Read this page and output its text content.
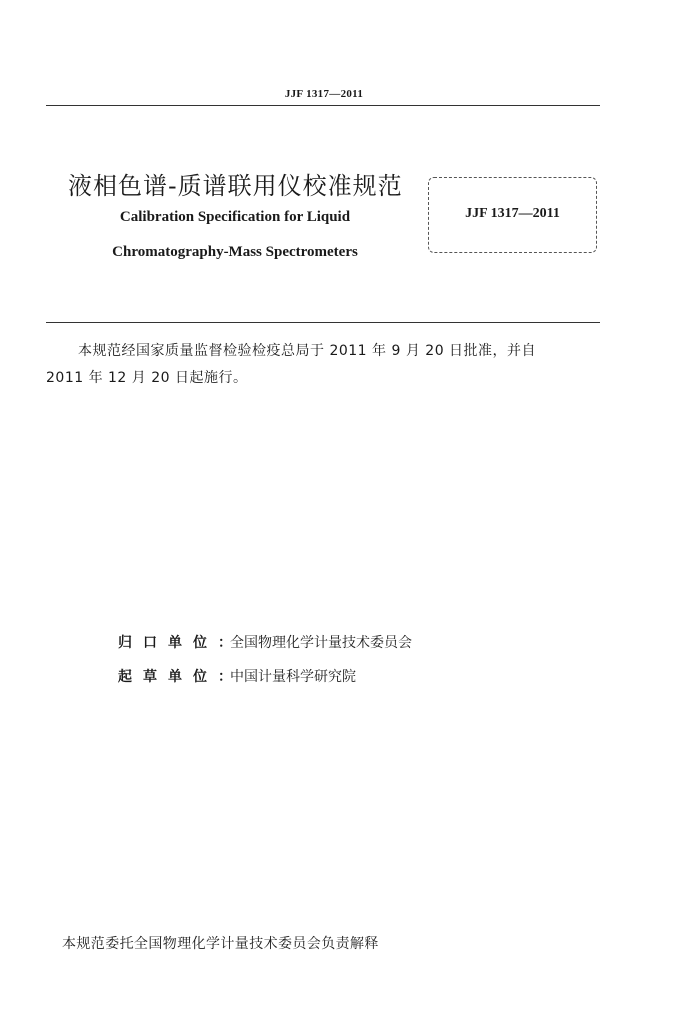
JJF 1317—2011
液相色谱-质谱联用仪校准规范
Calibration Specification for Liquid
Chromatography-Mass Spectrometers
JJF 1317—2011
本规范经国家质量监督检验检疫总局于 2011 年 9 月 20 日批准，并自
2011 年 12 月 20 日起施行。
归口单位：全国物理化学计量技术委员会
起草单位：中国计量科学研究院
本规范委托全国物理化学计量技术委员会负责解释
